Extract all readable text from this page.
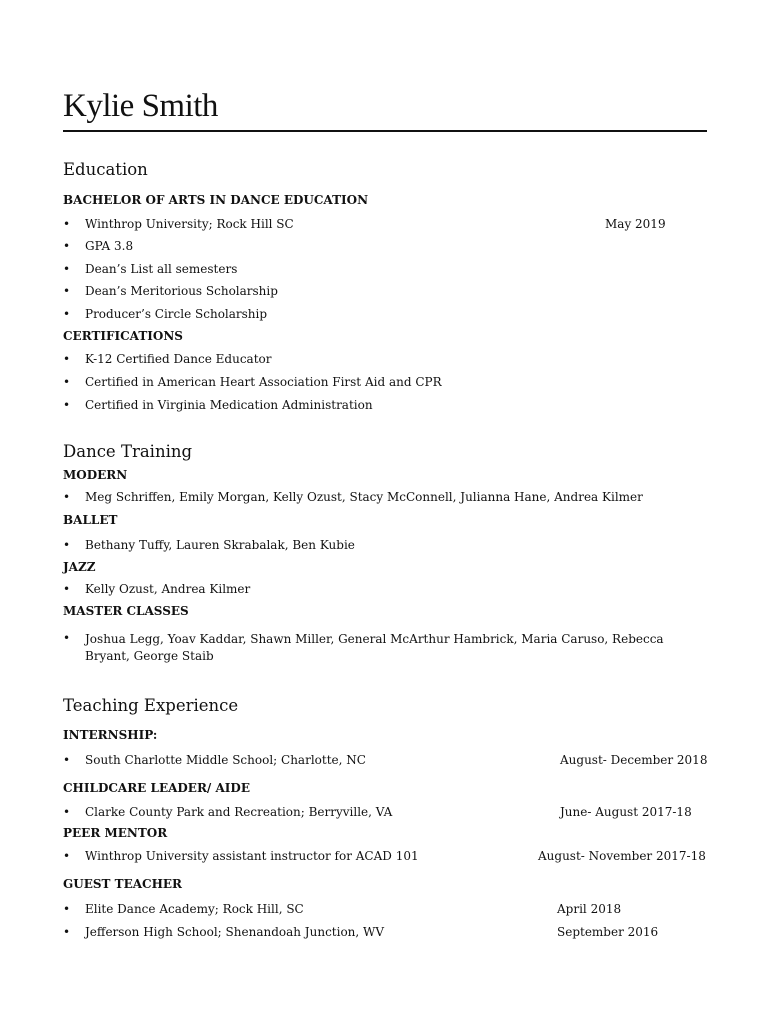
Kylie Smith
Education
BACHELOR OF ARTS IN DANCE EDUCATION
• Winthrop University; Rock Hill SC	May 2019
• GPA 3.8
• Dean’s List all semesters
• Dean’s Meritorious Scholarship
• Producer’s Circle Scholarship
CERTIFICATIONS
• K-12 Certified Dance Educator
• Certified in American Heart Association First Aid and CPR
• Certified in Virginia Medication Administration
Dance Training
MODERN
• Meg Schriffen, Emily Morgan, Kelly Ozust, Stacy McConnell, Julianna Hane, Andrea Kilmer
BALLET
• Bethany Tuffy, Lauren Skrabalak, Ben Kubie
JAZZ
• Kelly Ozust, Andrea Kilmer
MASTER CLASSES
• Joshua Legg, Yoav Kaddar, Shawn Miller, General McArthur Hambrick, Maria Caruso, Rebecca Bryant, George Staib
Teaching Experience
INTERNSHIP:
• South Charlotte Middle School; Charlotte, NC	August- December 2018
CHILDCARE LEADER/ AIDE
• Clarke County Park and Recreation; Berryville, VA	June- August 2017-18
PEER MENTOR
• Winthrop University assistant instructor for ACAD 101	August- November 2017-18
GUEST TEACHER
• Elite Dance Academy; Rock Hill, SC	April 2018
• Jefferson High School; Shenandoah Junction, WV	September 2016
